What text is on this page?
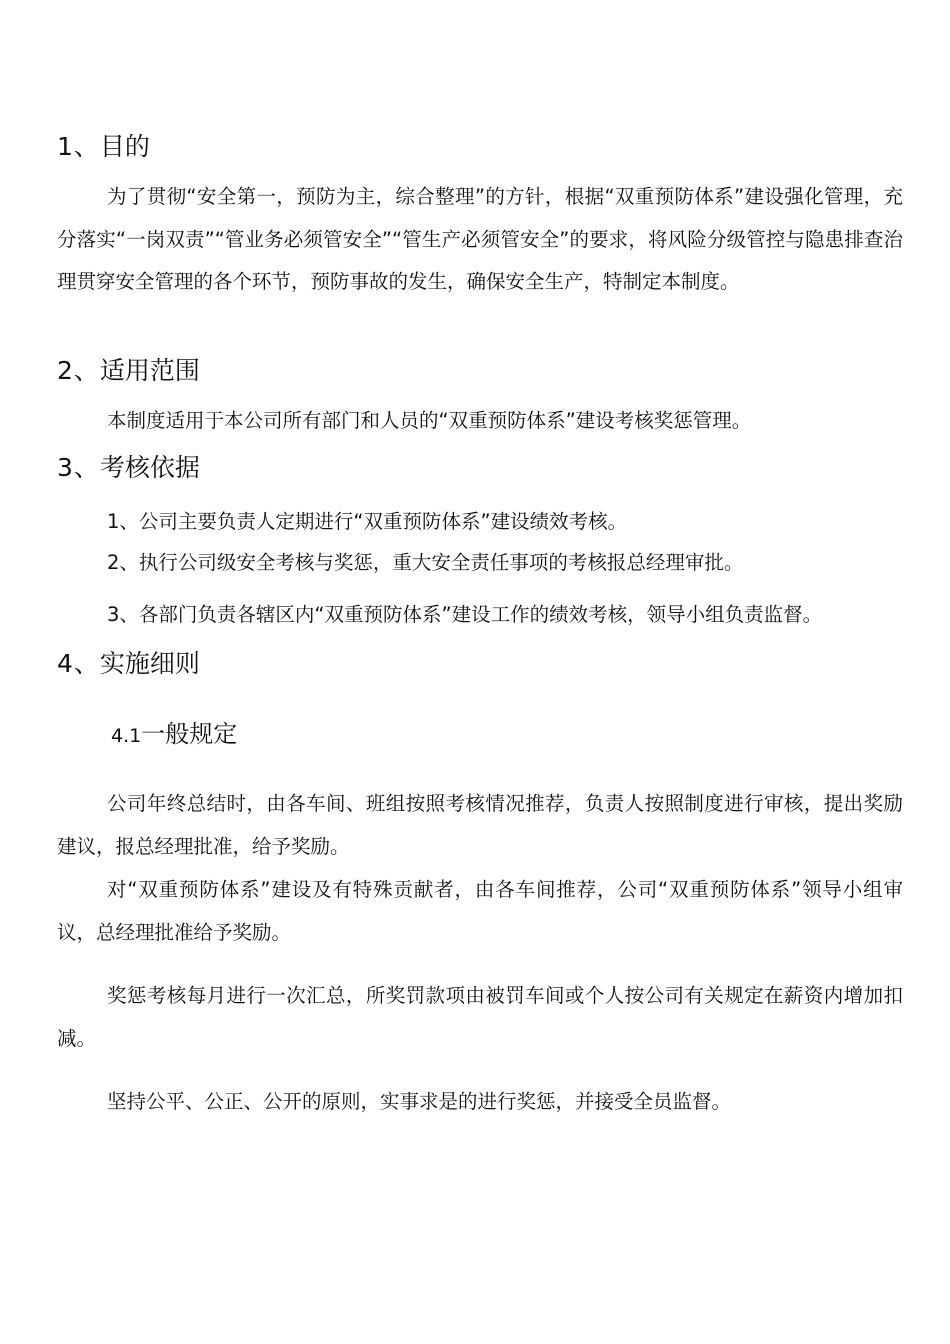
1、目的

为了贯彻“安全第一，预防为主，综合整理”的方针，根据“双重预防体系”建设强化管理，充分落实“一岗双责”“管业务必须管安全”“管生产必须管安全”的要求，将风险分级管控与隐患排查治理贯穿安全管理的各个环节，预防事故的发生，确保安全生产，特制定本制度。

2、适用范围

本制度适用于本公司所有部门和人员的“双重预防体系”建设考核奖惩管理。

3、考核依据

1、公司主要负责人定期进行“双重预防体系”建设绩效考核。

2、执行公司级安全考核与奖惩，重大安全责任事项的考核报总经理审批。

3、各部门负责各辖区内“双重预防体系”建设工作的绩效考核，领导小组负责监督。

4、实施细则
4.1一般规定

公司年终总结时，由各车间、班组按照考核情况推荐，负责人按照制度进行审核，提出奖励建议，报总经理批准，给予奖励。

对“双重预防体系”建设及有特殊贡献者，由各车间推荐，公司“双重预防体系”领导小组审议，总经理批准给予奖励。

奖惩考核每月进行一次汇总，所奖罚款项由被罚车间或个人按公司有关规定在薪资内增加扣减。

坚持公平、公正、公开的原则，实事求是的进行奖惩，并接受全员监督。
